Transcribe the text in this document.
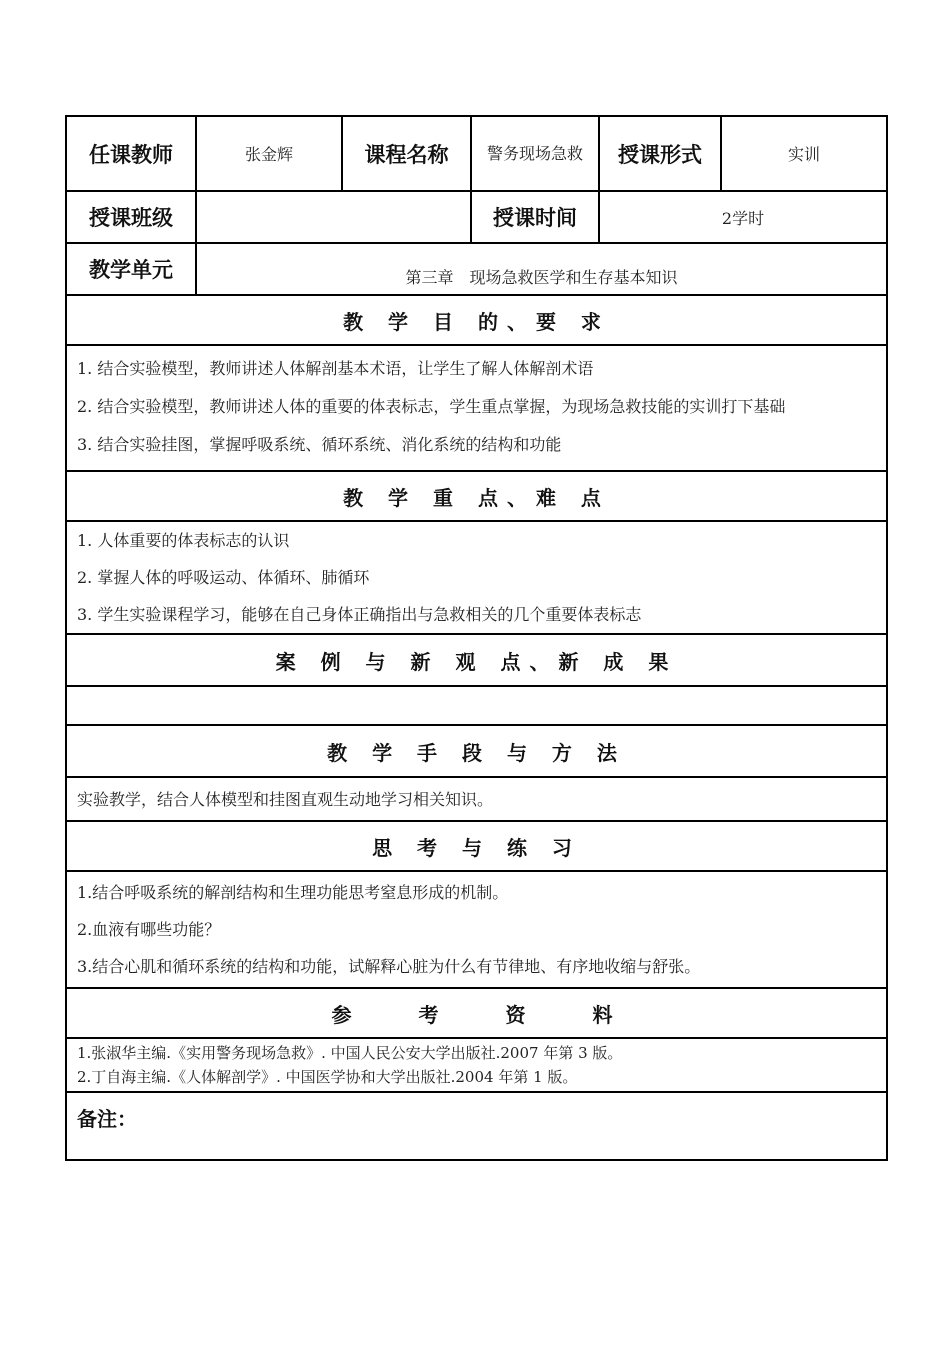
任课教师	张金辉	课程名称	警务现场急救	授课形式	实训
授课班级			授课时间	2学时	
教学单元	第三章　现场急救医学和生存基本知识				
教 学 目 的、要 求					

1. 结合实验模型，教师讲述人体解剖基本术语，让学生了解人体解剖术语

2. 结合实验模型，教师讲述人体的重要的体表标志，学生重点掌握，为现场急救技能的实训打下基础

3. 结合实验挂图，掌握呼吸系统、循环系统、消化系统的结构和功能					

教 学 重 点、难 点					

1. 人体重要的体表标志的认识

2. 掌握人体的呼吸运动、体循环、肺循环

3. 学生实验课程学习，能够在自己身体正确指出与急救相关的几个重要体表标志					

案 例 与 新 观 点、新 成 果					

教 学 手 段 与 方 法					
实验教学，结合人体模型和挂图直观生动地学习相关知识。					
思 考 与 练 习					

1.结合呼吸系统的解剖结构和生理功能思考窒息形成的机制。

2.血液有哪些功能？

3.结合心肌和循环系统的结构和功能，试解释心脏为什么有节律地、有序地收缩与舒张。					

参　　考　　资　　料					

1.张淑华主编.《实用警务现场急救》. 中国人民公安大学出版社.2007 年第 3 版。

2.丁自海主编.《人体解剖学》. 中国医学协和大学出版社.2004 年第 1 版。					

备注：					
